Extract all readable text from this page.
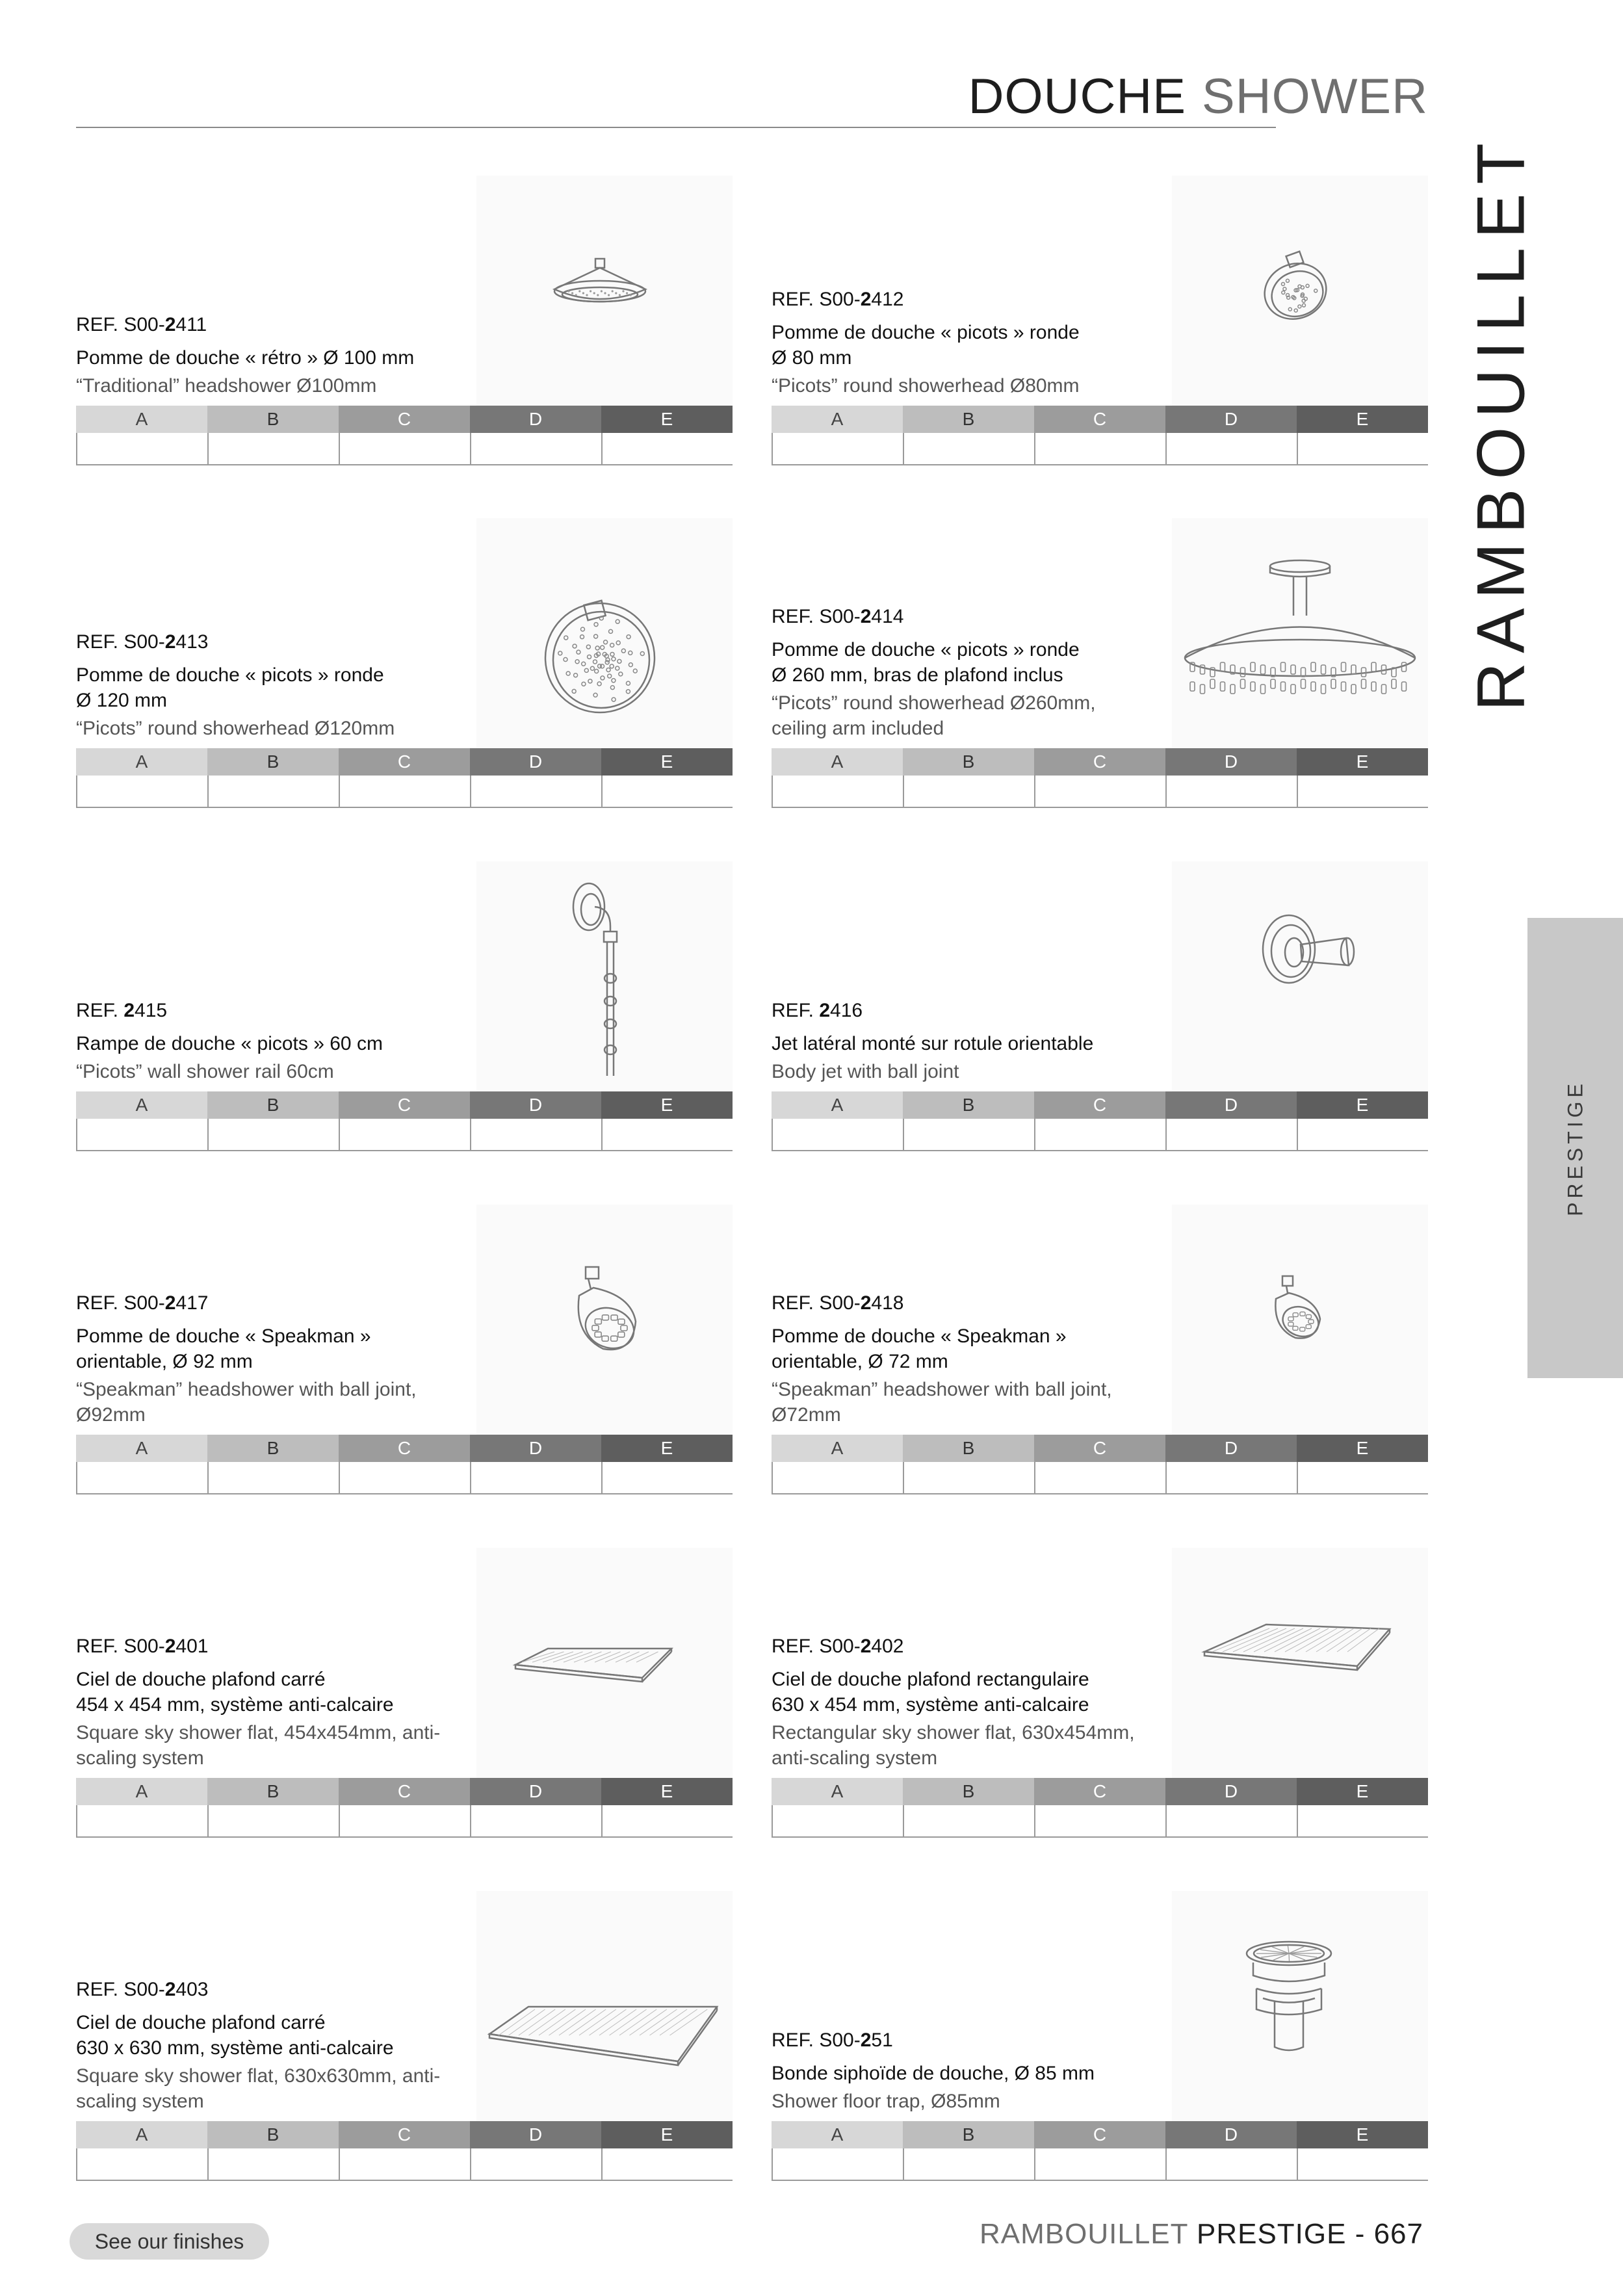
DOUCHE SHOWER
RAMBOUILLET
PRESTIGE
REF. S00-2411
Pomme de douche « rétro » Ø 100 mm
“Traditional” headshower Ø100mm
A	B	C	D	E
REF. S00-2412
Pomme de douche « picots » ronde
Ø 80 mm
“Picots” round showerhead Ø80mm
A	B	C	D	E
REF. S00-2413
Pomme de douche « picots » ronde
Ø 120 mm
“Picots” round showerhead Ø120mm
A	B	C	D	E
REF. S00-2414
Pomme de douche « picots » ronde
Ø 260 mm, bras de plafond inclus
“Picots” round showerhead Ø260mm,
ceiling arm included
A	B	C	D	E
REF. 2415
Rampe de douche « picots » 60 cm
“Picots” wall shower rail 60cm
A	B	C	D	E
REF. 2416
Jet latéral monté sur rotule orientable
Body jet with ball joint
A	B	C	D	E
REF. S00-2417
Pomme de douche « Speakman »
orientable, Ø 92 mm
“Speakman” headshower with ball joint,
Ø92mm
A	B	C	D	E
REF. S00-2418
Pomme de douche « Speakman »
orientable, Ø 72 mm
“Speakman” headshower with ball joint,
Ø72mm
A	B	C	D	E
REF. S00-2401
Ciel de douche plafond carré
454 x 454 mm, système anti-calcaire
Square sky shower flat, 454x454mm, anti-
scaling system
A	B	C	D	E
REF. S00-2402
Ciel de douche plafond rectangulaire
630 x 454 mm, système anti-calcaire
Rectangular sky shower flat, 630x454mm,
anti-scaling system
A	B	C	D	E
REF. S00-2403
Ciel de douche plafond carré
630 x 630 mm, système anti-calcaire
Square sky shower flat, 630x630mm, anti-
scaling system
A	B	C	D	E
REF. S00-251
Bonde siphoïde de douche, Ø 85 mm
Shower floor trap, Ø85mm
A	B	C	D	E
See our finishes	RAMBOUILLET PRESTIGE - 667
